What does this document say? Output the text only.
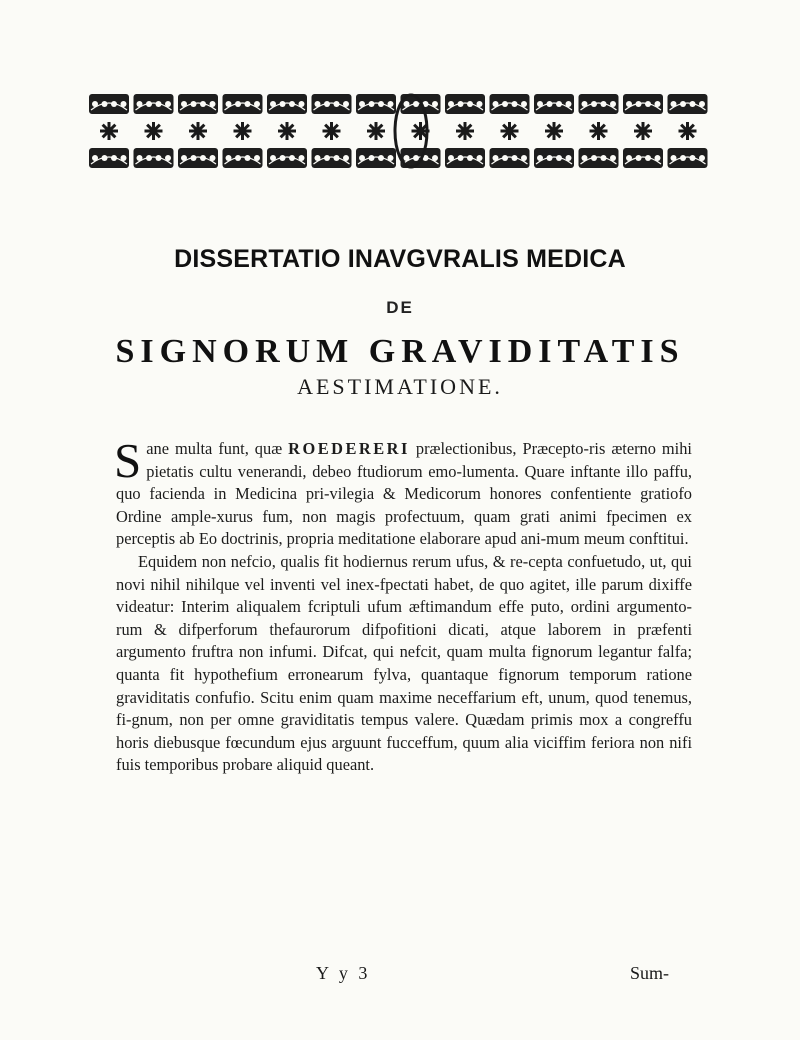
DISSERTATIO INAVGVRALIS MEDICA
DE
SIGNORUM GRAVIDITATIS
AESTIMATIONE.

Sane multa funt, quæ ROEDERERI prælectionibus, Præcepto-ris æterno mihi pietatis cultu venerandi, debeo ftudiorum emo-lumenta. Quare inftante illo paffu, quo facienda in Medicina pri-vilegia & Medicorum honores confentiente gratiofo Ordine ample-xurus fum, non magis profectuum, quam grati animi fpecimen ex perceptis ab Eo doctrinis, propria meditatione elaborare apud ani-mum meum conftitui.

Equidem non nefcio, qualis fit hodiernus rerum ufus, & re-cepta confuetudo, ut, qui novi nihil nihilque vel inventi vel inex-fpectati habet, de quo agitet, ille parum dixiffe videatur: Interim aliqualem fcriptuli ufum æftimandum effe puto, ordini argumento-rum & difperforum thefaurorum difpofitioni dicati, atque laborem in præfenti argumento fruftra non infumi. Difcat, qui nefcit, quam multa fignorum legantur falfa; quanta fit hypothefium erronearum fylva, quantaque fignorum temporum ratione graviditatis confufio. Scitu enim quam maxime neceffarium eft, unum, quod tenemus, fi-gnum, non per omne graviditatis tempus valere. Quædam primis mox a congreffu horis diebusque fœcundum ejus arguunt fucceffum, quum alia viciffim feriora non nifi fuis temporibus probare aliquid queant.

Y y 3	Sum-
